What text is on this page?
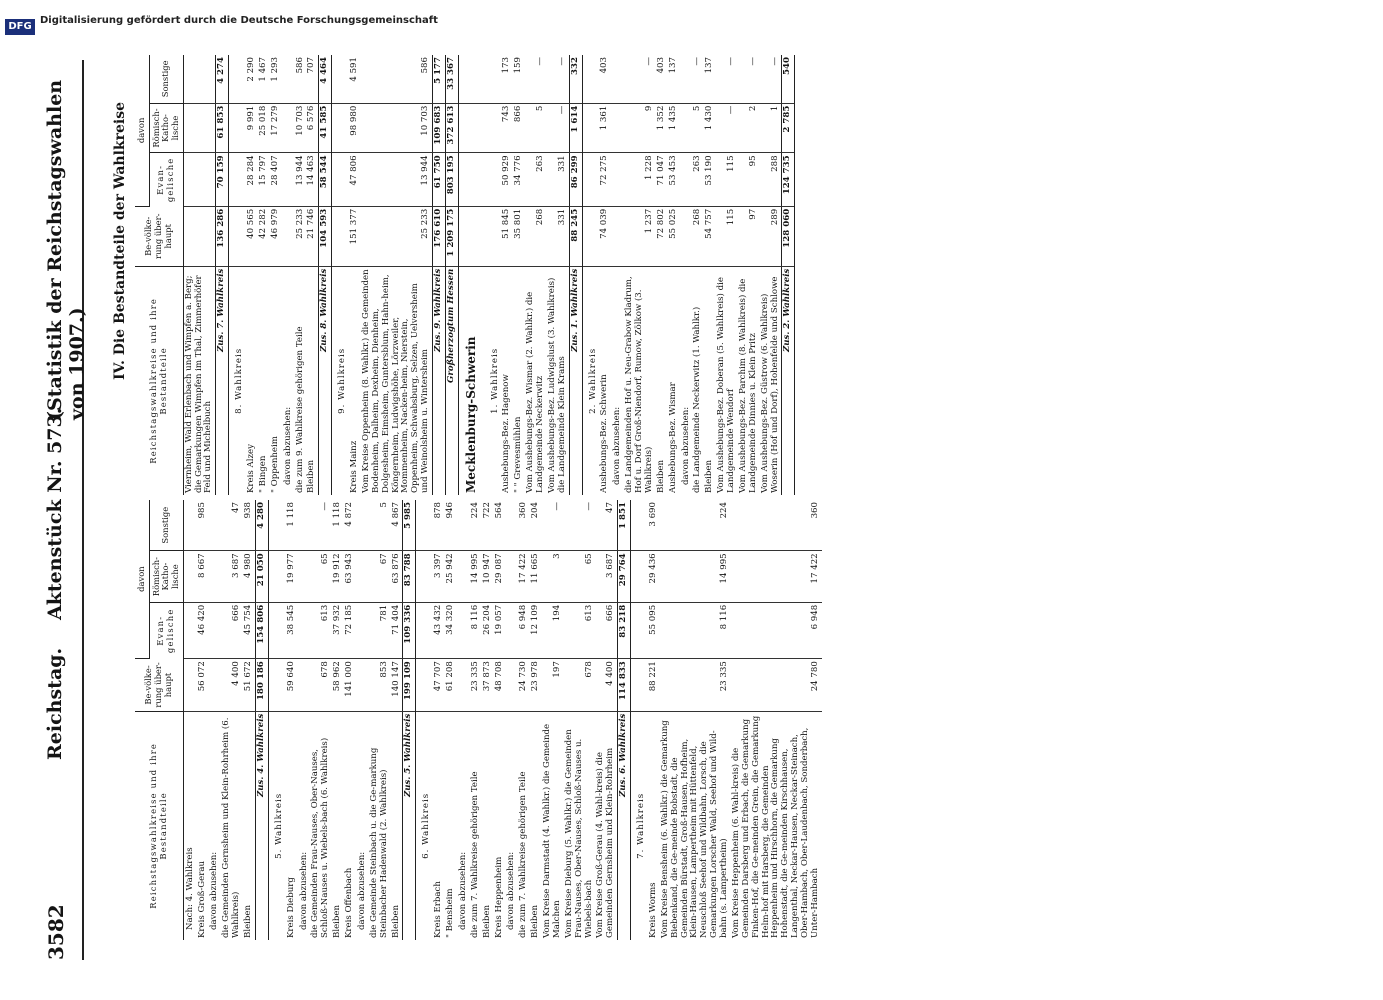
3582
Reichstag.
Aktenstück Nr. 573.
(Statistik der Reichstagswahlen von 1907.) IV. Die Bestandteile der Wahlkreise
Reichstagswahlkreise und ihre Bestandteile	Be-völke-rung über-haupt	davon		
		Evan-gelische	Römisch-Katho-lische	Sonstige
Nach: 4. Wahlkreis				
Kreis Groß-Gerau	56 072	46 420	8 667	985
davon abzusehen:				
die Gemeinden Gernsheim und Klein-Rohrheim (6. Wahlkreis)	4 400	666	3 687	47
Bleiben	51 672	45 754	4 980	938
Zus. 4. Wahlkreis	180 186	154 806	21 050	4 280
5. Wahlkreis				
Kreis Dieburg	59 640	38 545	19 977	1 118
davon abzusehen:				
die Gemeinden Frau-Nauses, Ober-Nauses, Schloß-Nauses u. Wiebels-bach (6. Wahlkreis)	678	613	65	—
Bleiben	58 962	37 932	19 912	1 118
Kreis Offenbach	141 000	72 185	63 943	4 872
davon abzusehen:				
die Gemeinde Steinbach u. die Ge-markung Steinbacher Hadenwald (2. Wahlkreis)	853	781	67	5
Bleiben	140 147	71 404	63 876	4 867
Zus. 5. Wahlkreis	199 109	109 336	83 788	5 985
6. Wahlkreis				
Kreis Erbach	47 707	43 432	3 397	878
" Bensheim	61 208	34 320	25 942	946
davon abzusehen:				
die zum 7. Wahlkreise gehörigen Teile	23 335	8 116	14 995	224
Bleiben	37 873	26 204	10 947	722
Kreis Heppenheim	48 708	19 057	29 087	564
davon abzusehen:				
die zum 7. Wahlkreise gehörigen Teile	24 730	6 948	17 422	360
Bleiben	23 978	12 109	11 665	204
Vom Kreise Darmstadt (4. Wahlkr.) die Gemeinde Malchen	197	194	3	—
Vom Kreise Dieburg (5. Wahlkr.) die Gemeinden Frau-Nauses, Ober-Nauses, Schloß-Nauses u. Wiebels-bach	678	613	65	—
Vom Kreise Groß-Gerau (4. Wahl-kreis) die Gemeinden Gernsheim und Klein-Rohrheim	4 400	666	3 687	47
Zus. 6. Wahlkreis	114 833	83 218	29 764	1 851
7. Wahlkreis				
Kreis Worms	88 221	55 095	29 436	3 690
Vom Kreise Bensheim (6. Wahlkr.) die Gemarkung Biebenkand, die Ge-meinde Bobstadt, die Gemeinden Bürstadt, Groß-Hausen, Hofheim, Klein-Hausen, Lampertheim mit Hüttenfeld, Neuschloß Seehof und Wildbahn, Lorsch, die Gemarkungen Lorscher Wald, Seehof und Wild-bahn (s. Lampertheim)	23 335	8 116	14 995	224
Vom Kreise Heppenheim (6. Wahl-kreis) die Gemeinden Darsberg und Erbach, die Gemarkung Finken-Hof, die Ge-meinden Grein, die Gemarkung Helm-hof mit Harsberg, die Gemeinden Heppenheim und Hirschhorn, die Gemarkung Hohenstadt, die Ge-meinden Kirschhausen, Langenthal, Neckar-Hausen, Neckar-Steinach, Ober-Hambach, Ober-Laudenbach, Sonderbach, Unter-Hambach	24 780	6 948	17 422	360
Reichstagswahlkreise und ihre Bestandteile	Be-völke-rung über-haupt	davon		
		Evan-gelische	Römisch-Katho-lische	Sonstige
Viernheim, Wald Erlenbach und Wimpfen a. Berg; die Gemarkungen Wimpfen im Thal, Zimmerhöfer Feld und Michelbuch				
Zus. 7. Wahlkreis	136 286	70 159	61 853	4 274
8. Wahlkreis				
Kreis Alzey	40 565	28 284	9 991	2 290
" Bingen	42 282	15 797	25 018	1 467
" Oppenheim	46 979	28 407	17 279	1 293
davon abzusehen:				
die zum 9. Wahlkreise gehörigen Teile	25 233	13 944	10 703	586
Bleiben	21 746	14 463	6 576	707
Zus. 8. Wahlkreis	104 593	58 544	41 585	4 464
9. Wahlkreis				
Kreis Mainz	151 377	47 806	98 980	4 591
Vom Kreise Oppenheim (8. Wahlkr.) die Gemeinden Bodenheim, Dalheim, Dexheim, Dienheim, Dolgesheim, Eimsheim, Guntersblum, Hahn-heim, Köngernheim, Ludwigshöhe, Lörzweiler, Mommenheim, Nacken-heim, Nierstein, Oppenheim, Schwabsburg, Selzen, Uelversheim und Weinolsheim u. Wintersheim	25 233	13 944	10 703	586
Zus. 9. Wahlkreis	176 610	61 750	109 683	5 177
Großherzogtum Hessen	1 209 175	803 195	372 613	33 367
Mecklenburg-Schwerin				
1. Wahlkreis				
Aushebungs-Bez. Hagenow	51 845	50 929	743	173
" " Grevesmühlen	35 801	34 776	866	159
Vom Aushebungs-Bez. Wismar (2. Wahlkr.) die Landgemeinde Neckerwitz	268	263	5	—
Vom Aushebungs-Bez. Ludwigslust (3. Wahlkreis) die Landgemeinde Klein Krams	331	331	—	—
Zus. 1. Wahlkreis	88 245	86 299	1 614	332
2. Wahlkreis				
Aushebungs-Bez. Schwerin	74 039	72 275	1 361	403
davon abzusehen:				
die Landgemeinden Hof u. Neu-Grabow Kladrum, Hof u. Dorf Groß-Niendorf, Rumow, Zölkow (3. Wahlkreis)	1 237	1 228	9	—
Bleiben	72 802	71 047	1 352	403
Aushebungs-Bez. Wismar	55 025	53 453	1 435	137
davon abzusehen:				
die Landgemeinde Neckerwitz (1. Wahlkr.)	268	263	5	—
Bleiben	54 757	53 190	1 430	137
Vom Aushebungs-Bez. Doberan (5. Wahlkreis) die Landgemeinde Wendorf	115	115	—	—
Vom Aushebungs-Bez. Parchim (8. Wahlkreis) die Landgemeinde Dinnies u. Klein Pritz	97	95	2	—
Vom Aushebungs-Bez. Güstrow (6. Wahlkreis) Woserin (Hof und Dorf), Hohenfelde und Schlowe	289	288	1	—
Zus. 2. Wahlkreis	128 060	124 735	2 785	540
DFG
Digitalisierung gefördert durch die Deutsche Forschungsgemeinschaft
